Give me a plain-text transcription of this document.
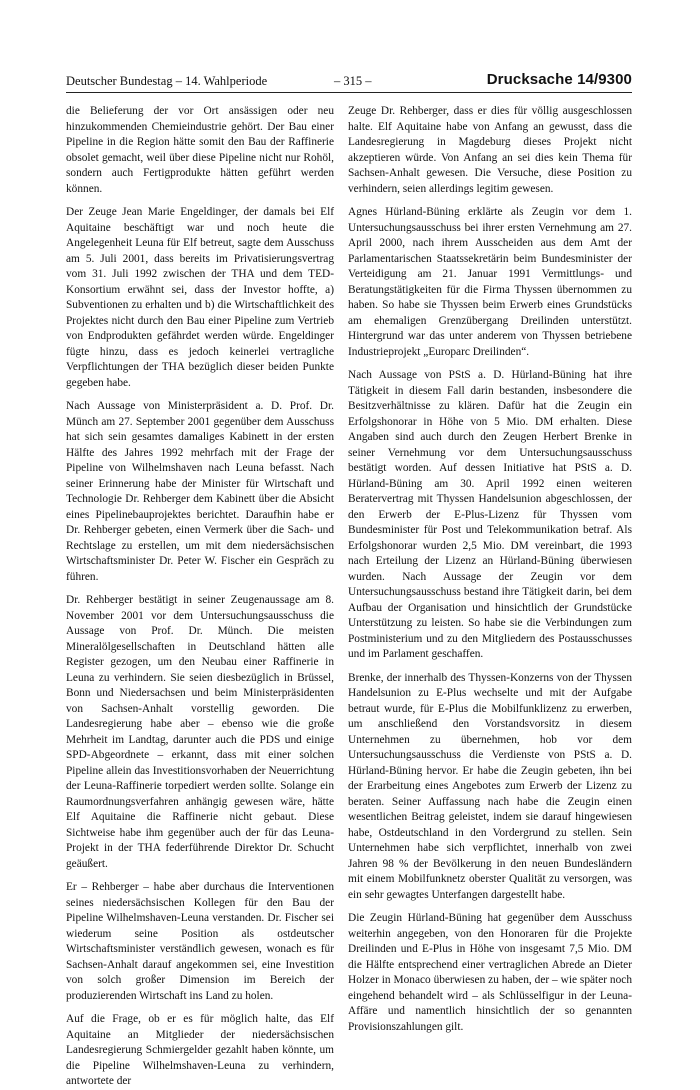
Deutscher Bundestag – 14. Wahlperiode	– 315 –	Drucksache 14/9300

die Belieferung der vor Ort ansässigen oder neu hinzukommenden Chemieindustrie gehört. Der Bau einer Pipeline in die Region hätte somit den Bau der Raffinerie obsolet gemacht, weil über diese Pipeline nicht nur Rohöl, sondern auch Fertigprodukte hätten geführt werden können.

Der Zeuge Jean Marie Engeldinger, der damals bei Elf Aquitaine beschäftigt war und noch heute die Angelegenheit Leuna für Elf betreut, sagte dem Ausschuss am 5. Juli 2001, dass bereits im Privatisierungsvertrag vom 31. Juli 1992 zwischen der THA und dem TED-Konsortium erwähnt sei, dass der Investor hoffte, a) Subventionen zu erhalten und b) die Wirtschaftlichkeit des Projektes nicht durch den Bau einer Pipeline zum Vertrieb von Endprodukten gefährdet werden würde. Engeldinger fügte hinzu, dass es jedoch keinerlei vertragliche Verpflichtungen der THA bezüglich dieser beiden Punkte gegeben habe.

Nach Aussage von Ministerpräsident a. D. Prof. Dr. Münch am 27. September 2001 gegenüber dem Ausschuss hat sich sein gesamtes damaliges Kabinett in der ersten Hälfte des Jahres 1992 mehrfach mit der Frage der Pipeline von Wilhelmshaven nach Leuna befasst. Nach seiner Erinnerung habe der Minister für Wirtschaft und Technologie Dr. Rehberger dem Kabinett über die Absicht eines Pipelinebauprojektes berichtet. Daraufhin habe er Dr. Rehberger gebeten, einen Vermerk über die Sach- und Rechtslage zu erstellen, um mit dem niedersächsischen Wirtschaftsminister Dr. Peter W. Fischer ein Gespräch zu führen.

Dr. Rehberger bestätigt in seiner Zeugenaussage am 8. November 2001 vor dem Untersuchungsausschuss die Aussage von Prof. Dr. Münch. Die meisten Mineralölgesellschaften in Deutschland hätten alle Register gezogen, um den Neubau einer Raffinerie in Leuna zu verhindern. Sie seien diesbezüglich in Brüssel, Bonn und Niedersachsen und beim Ministerpräsidenten von Sachsen-Anhalt vorstellig geworden. Die Landesregierung habe aber – ebenso wie die große Mehrheit im Landtag, darunter auch die PDS und einige SPD-Abgeordnete – erkannt, dass mit einer solchen Pipeline allein das Investitionsvorhaben der Neuerrichtung der Leuna-Raffinerie torpediert werden sollte. Solange ein Raumordnungsverfahren anhängig gewesen wäre, hätte Elf Aquitaine die Raffinerie nicht gebaut. Diese Sichtweise habe ihm gegenüber auch der für das Leuna-Projekt in der THA federführende Direktor Dr. Schucht geäußert.

Er – Rehberger – habe aber durchaus die Interventionen seines niedersächsischen Kollegen für den Bau der Pipeline Wilhelmshaven-Leuna verstanden. Dr. Fischer sei wiederum seine Position als ostdeutscher Wirtschaftsminister verständlich gewesen, wonach es für Sachsen-Anhalt darauf angekommen sei, eine Investition von solch großer Dimension im Bereich der produzierenden Wirtschaft ins Land zu holen.

Auf die Frage, ob er es für möglich halte, das Elf Aquitaine an Mitglieder der niedersächsischen Landesregierung Schmiergelder gezahlt haben könnte, um die Pipeline Wilhelmshaven-Leuna zu verhindern, antwortete der

Zeuge Dr. Rehberger, dass er dies für völlig ausgeschlossen halte. Elf Aquitaine habe von Anfang an gewusst, dass die Landesregierung in Magdeburg dieses Projekt nicht akzeptieren würde. Von Anfang an sei dies kein Thema für Sachsen-Anhalt gewesen. Die Versuche, diese Position zu verhindern, seien allerdings legitim gewesen.

Agnes Hürland-Büning erklärte als Zeugin vor dem 1. Untersuchungsausschuss bei ihrer ersten Vernehmung am 27. April 2000, nach ihrem Ausscheiden aus dem Amt der Parlamentarischen Staatssekretärin beim Bundesminister der Verteidigung am 21. Januar 1991 Vermittlungs- und Beratungstätigkeiten für die Firma Thyssen übernommen zu haben. So habe sie Thyssen beim Erwerb eines Grundstücks am ehemaligen Grenzübergang Dreilinden unterstützt. Hintergrund war das unter anderem von Thyssen betriebene Industrieprojekt „Europarc Dreilinden“.

Nach Aussage von PStS a. D. Hürland-Büning hat ihre Tätigkeit in diesem Fall darin bestanden, insbesondere die Besitzverhältnisse zu klären. Dafür hat die Zeugin ein Erfolgshonorar in Höhe von 5 Mio. DM erhalten. Diese Angaben sind auch durch den Zeugen Herbert Brenke in seiner Vernehmung vor dem Untersuchungsausschuss bestätigt worden. Auf dessen Initiative hat PStS a. D. Hürland-Büning am 30. April 1992 einen weiteren Beratervertrag mit Thyssen Handelsunion abgeschlossen, der den Erwerb der E-Plus-Lizenz für Thyssen vom Bundesminister für Post und Telekommunikation betraf. Als Erfolgshonorar wurden 2,5 Mio. DM vereinbart, die 1993 nach Erteilung der Lizenz an Hürland-Büning überwiesen wurden. Nach Aussage der Zeugin vor dem Untersuchungsausschuss bestand ihre Tätigkeit darin, bei dem Aufbau der Organisation und hinsichtlich der Grundstücke Unterstützung zu leisten. So habe sie die Verbindungen zum Postministerium und zu den Mitgliedern des Postausschusses und im Parlament geschaffen.

Brenke, der innerhalb des Thyssen-Konzerns von der Thyssen Handelsunion zu E-Plus wechselte und mit der Aufgabe betraut wurde, für E-Plus die Mobilfunklizenz zu erwerben, um anschließend den Vorstandsvorsitz in diesem Unternehmen zu übernehmen, hob vor dem Untersuchungsausschuss die Verdienste von PStS a. D. Hürland-Büning hervor. Er habe die Zeugin gebeten, ihn bei der Erarbeitung eines Angebotes zum Erwerb der Lizenz zu beraten. Seiner Auffassung nach habe die Zeugin einen wesentlichen Beitrag geleistet, indem sie darauf hingewiesen habe, Ostdeutschland in den Vordergrund zu stellen. Sein Unternehmen habe sich verpflichtet, innerhalb von zwei Jahren 98 % der Bevölkerung in den neuen Bundesländern mit einem Mobilfunknetz oberster Qualität zu versorgen, was ein sehr gewagtes Unterfangen dargestellt habe.

Die Zeugin Hürland-Büning hat gegenüber dem Ausschuss weiterhin angegeben, von den Honoraren für die Projekte Dreilinden und E-Plus in Höhe von insgesamt 7,5 Mio. DM die Hälfte entsprechend einer vertraglichen Abrede an Dieter Holzer in Monaco überwiesen zu haben, der – wie später noch eingehend behandelt wird – als Schlüsselfigur in der Leuna-Affäre und namentlich hinsichtlich der so genannten Provisionszahlungen gilt.
